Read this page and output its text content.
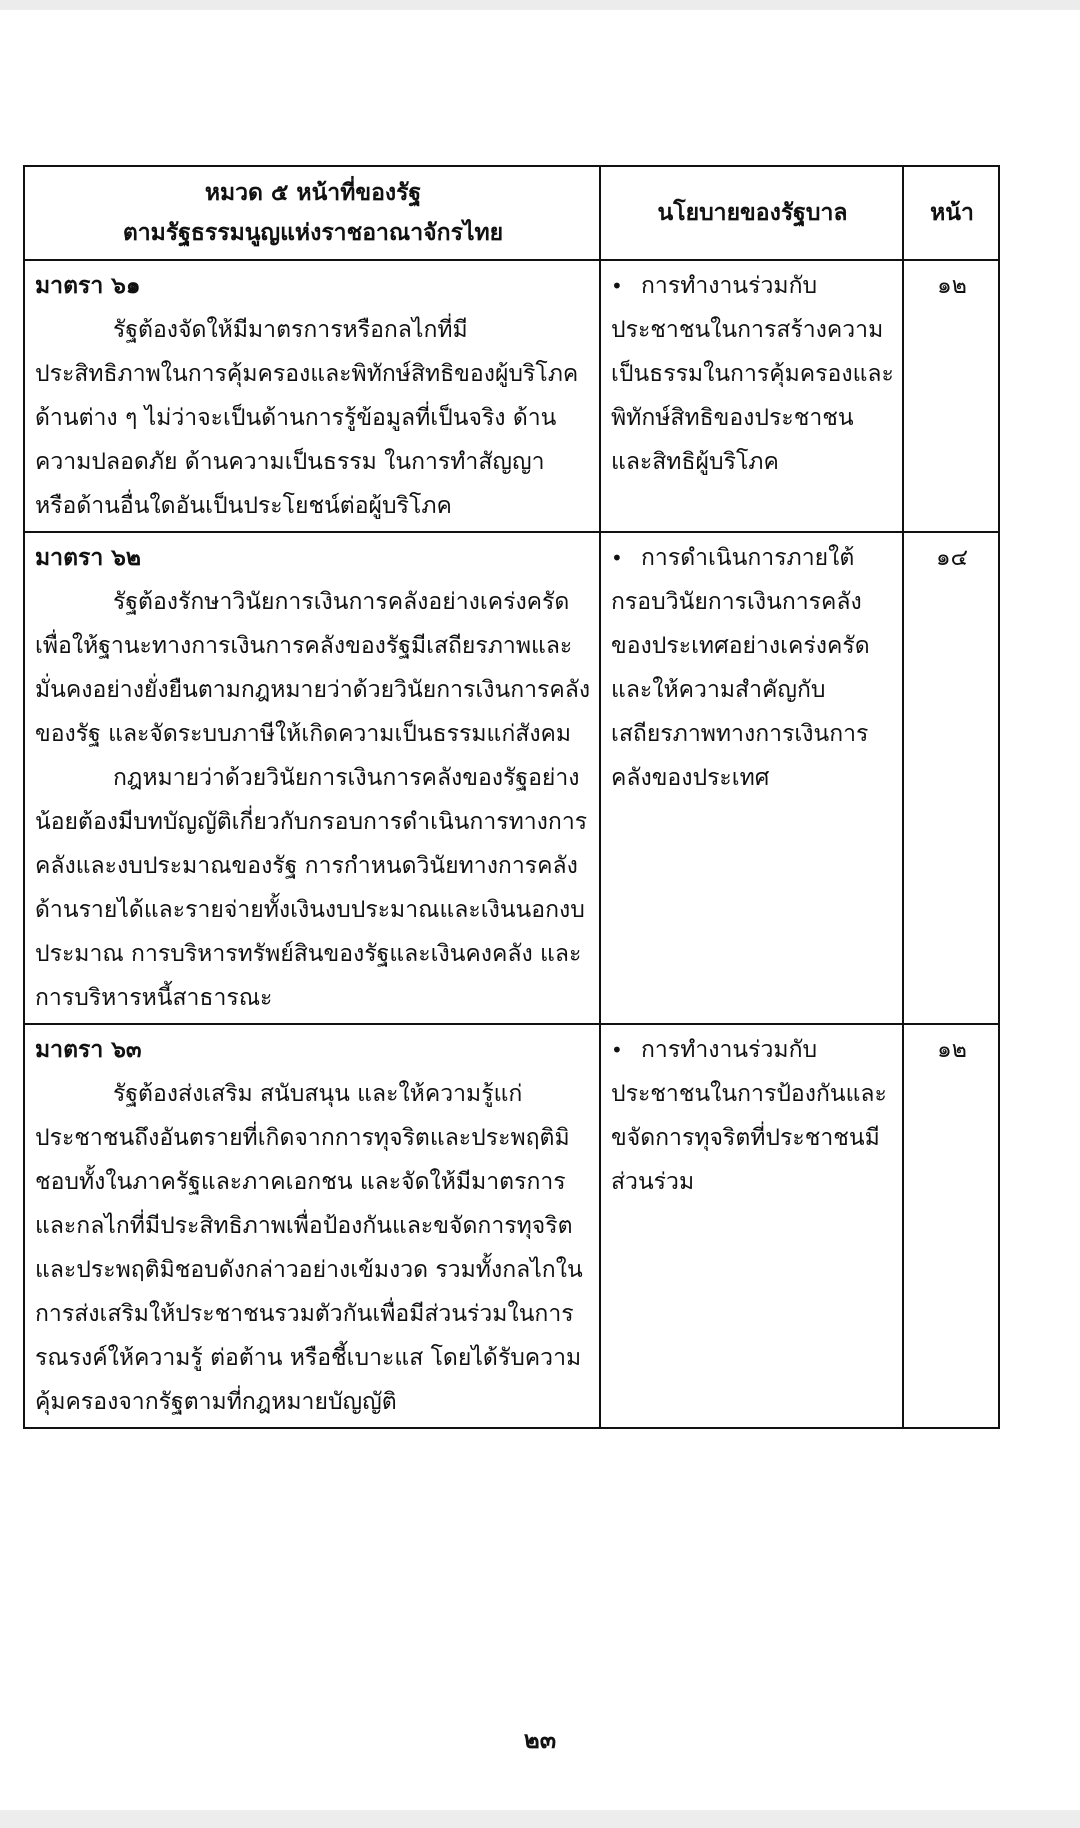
หมวด ๕ หน้าที่ของรัฐ
ตามรัฐธรรมนูญแห่งราชอาณาจักรไทย	นโยบายของรัฐบาล	หน้า

มาตรา ๖๑
รัฐต้องจัดให้มีมาตรการหรือกลไกที่มีประสิทธิภาพในการคุ้มครองและพิทักษ์สิทธิของผู้บริโภคด้านต่าง ๆ ไม่ว่าจะเป็นด้านการรู้ข้อมูลที่เป็นจริง ด้านความปลอดภัย ด้านความเป็นธรรม ในการทำสัญญา หรือด้านอื่นใดอันเป็นประโยชน์ต่อผู้บริโภค	• การทำงานร่วมกับประชาชนในการสร้างความเป็นธรรมในการคุ้มครองและพิทักษ์สิทธิของประชาชนและสิทธิผู้บริโภค	๑๒

มาตรา ๖๒
รัฐต้องรักษาวินัยการเงินการคลังอย่างเคร่งครัด เพื่อให้ฐานะทางการเงินการคลังของรัฐมีเสถียรภาพและมั่นคงอย่างยั่งยืนตามกฎหมายว่าด้วยวินัยการเงินการคลังของรัฐ และจัดระบบภาษีให้เกิดความเป็นธรรมแก่สังคม
กฎหมายว่าด้วยวินัยการเงินการคลังของรัฐอย่างน้อยต้องมีบทบัญญัติเกี่ยวกับกรอบการดำเนินการทางการคลังและงบประมาณของรัฐ การกำหนดวินัยทางการคลังด้านรายได้และรายจ่ายทั้งเงินงบประมาณและเงินนอกงบประมาณ การบริหารทรัพย์สินของรัฐและเงินคงคลัง และการบริหารหนี้สาธารณะ	• การดำเนินการภายใต้กรอบวินัยการเงินการคลังของประเทศอย่างเคร่งครัด และให้ความสำคัญกับเสถียรภาพทางการเงินการคลังของประเทศ	๑๔

มาตรา ๖๓
รัฐต้องส่งเสริม สนับสนุน และให้ความรู้แก่ประชาชนถึงอันตรายที่เกิดจากการทุจริตและประพฤติมิชอบทั้งในภาครัฐและภาคเอกชน และจัดให้มีมาตรการและกลไกที่มีประสิทธิภาพเพื่อป้องกันและขจัดการทุจริตและประพฤติมิชอบดังกล่าวอย่างเข้มงวด รวมทั้งกลไกในการส่งเสริมให้ประชาชนรวมตัวกันเพื่อมีส่วนร่วมในการรณรงค์ให้ความรู้ ต่อต้าน หรือชี้เบาะแส โดยได้รับความคุ้มครองจากรัฐตามที่กฎหมายบัญญัติ	• การทำงานร่วมกับประชาชนในการป้องกันและขจัดการทุจริตที่ประชาชนมีส่วนร่วม	๑๒
๒๓
